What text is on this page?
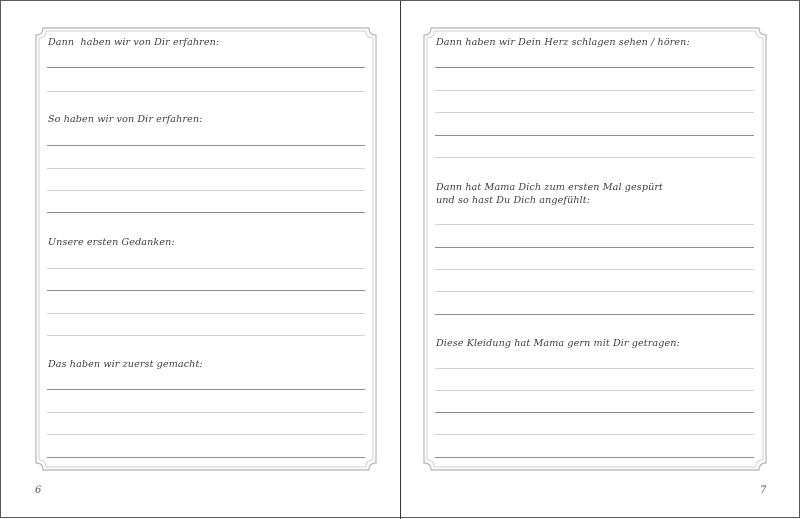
Dann  haben wir von Dir erfahren:
So haben wir von Dir erfahren:
Unsere ersten Gedanken:
Das haben wir zuerst gemacht:
6
Dann haben wir Dein Herz schlagen sehen / hören:
Dann hat Mama Dich zum ersten Mal gespürt
und so hast Du Dich angefühlt:
Diese Kleidung hat Mama gern mit Dir getragen:
7
